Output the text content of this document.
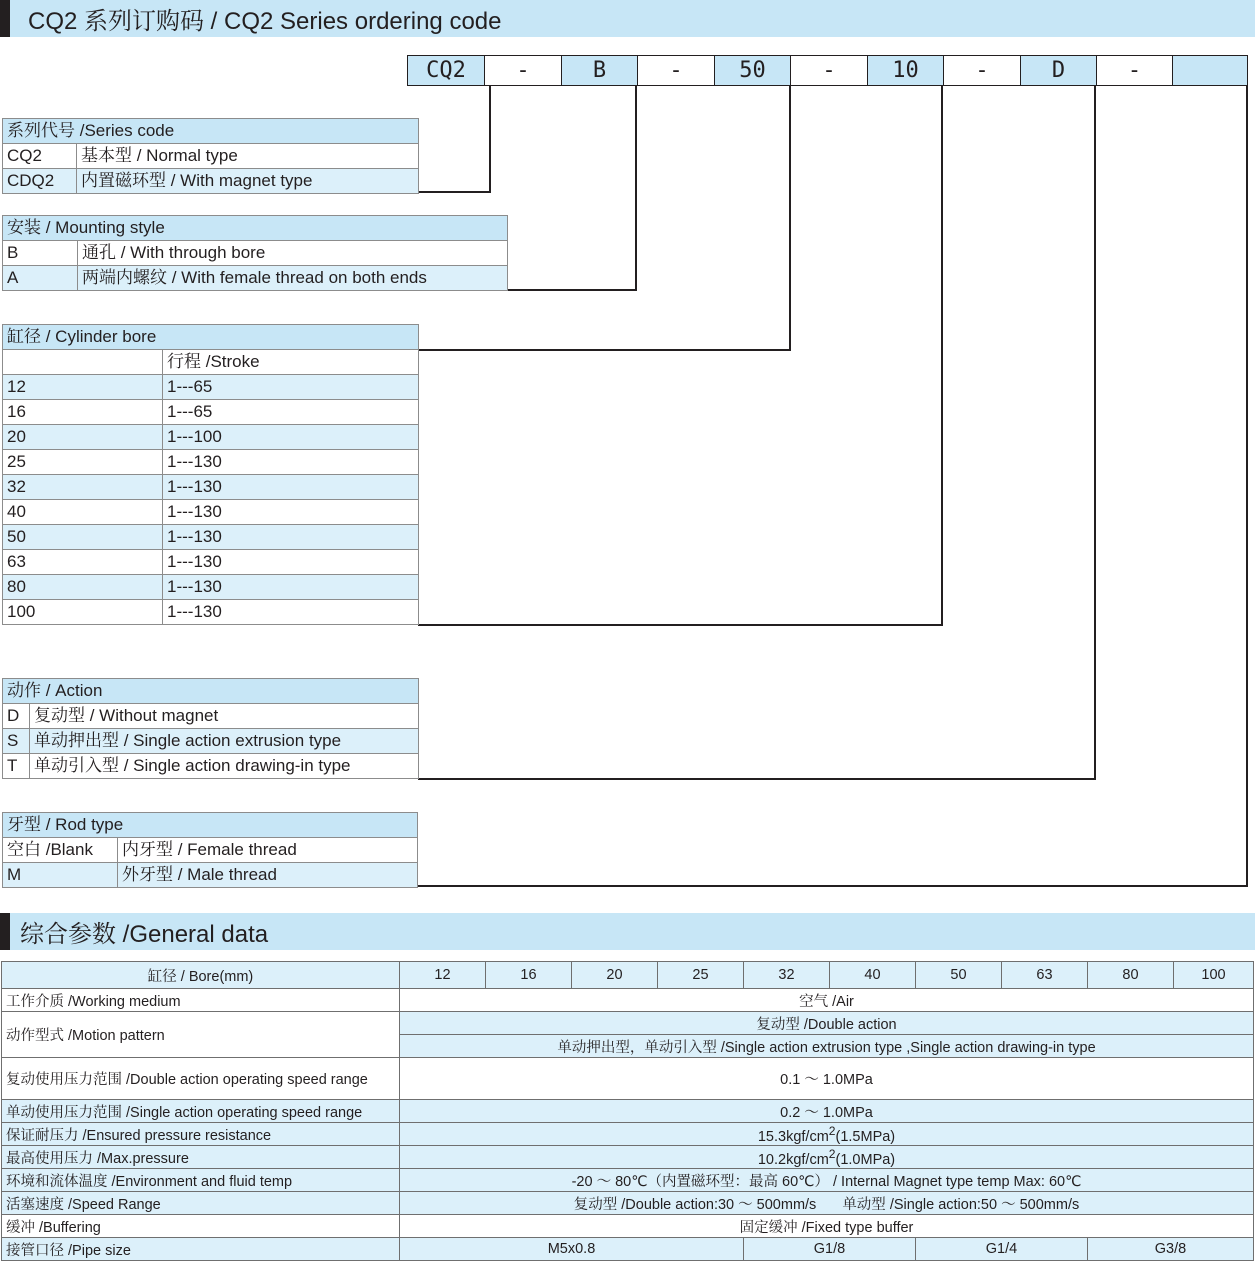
CQ2 系列订购码 / CQ2 Series ordering code
CQ2	-	B	-	50	-	10	-	D	-
系列代号 /Series code	
CQ2	基本型 / Normal type
CDQ2	内置磁环型 / With magnet type
安装 / Mounting style	
B	通孔 / With through bore
A	两端内螺纹 / With female thread on both ends
缸径 / Cylinder bore	
	行程 /Stroke
12	1---65
16	1---65
20	1---100
25	1---130
32	1---130
40	1---130
50	1---130
63	1---130
80	1---130
100	1---130
动作 / Action	
D	复动型 / Without magnet
S	单动押出型 / Single action extrusion type
T	单动引入型 / Single action drawing-in type
牙型 / Rod type	
空白 /Blank	内牙型 / Female thread
M	外牙型 / Male thread
综合参数 /General data
缸径 / Bore(mm)	12	16	20	25	32	40	50	63	80	100
工作介质 /Working medium	空气 /Air									
动作型式 /Motion pattern	复动型 /Double action									
	单动押出型，单动引入型 /Single action extrusion type ,Single action drawing-in type									
复动使用压力范围 /Double action operating speed range	0.1 ～ 1.0MPa									
单动使用压力范围 /Single action operating speed range	0.2 ～ 1.0MPa									
保证耐压力 /Ensured pressure resistance	$15.3kgf/cm^2(1.5MPa)$									
最高使用压力 /Max.pressure	$10.2kgf/cm^2(1.0MPa)$									
环境和流体温度 /Environment and fluid temp	-20 ～ 80℃（内置磁环型：最高 60℃） / Internal Magnet type temp Max: 60℃									
活塞速度 /Speed Range	复动型 /Double action:30 ～ 500mm/s 单动型 /Single action:50 ～ 500mm/s									
缓冲 /Buffering	固定缓冲 /Fixed type buffer									
接管口径 /Pipe size	M5x0.8				G1/8		G1/4		G3/8	
